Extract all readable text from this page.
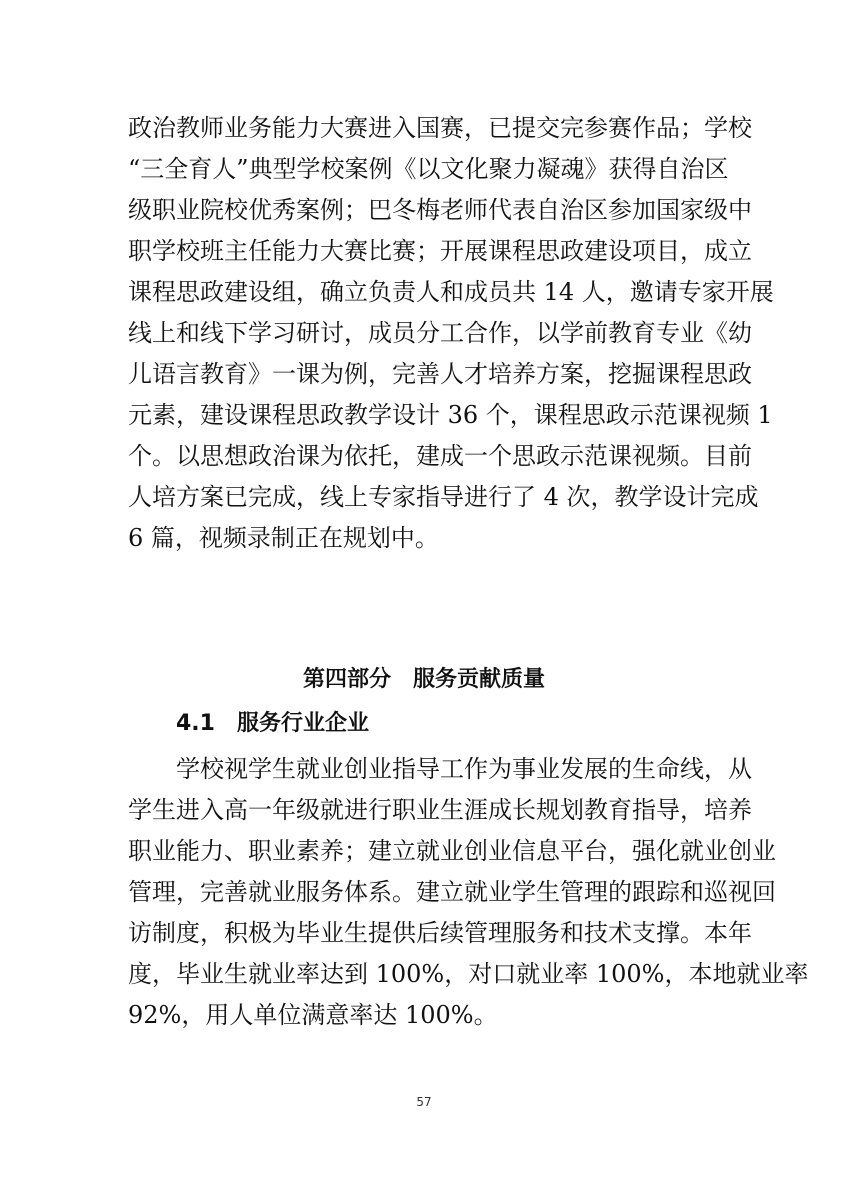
政治教师业务能力大赛进入国赛，已提交完参赛作品；学校
“三全育人”典型学校案例《以文化聚力凝魂》获得自治区
级职业院校优秀案例；巴冬梅老师代表自治区参加国家级中
职学校班主任能力大赛比赛；开展课程思政建设项目，成立
课程思政建设组，确立负责人和成员共 14 人，邀请专家开展
线上和线下学习研讨，成员分工合作，以学前教育专业《幼
儿语言教育》一课为例，完善人才培养方案，挖掘课程思政
元素，建设课程思政教学设计 36 个，课程思政示范课视频 1
个。以思想政治课为依托，建成一个思政示范课视频。目前
人培方案已完成，线上专家指导进行了 4 次，教学设计完成
6 篇，视频录制正在规划中。
第四部分　服务贡献质量
4.1　服务行业企业
学校视学生就业创业指导工作为事业发展的生命线，从
学生进入高一年级就进行职业生涯成长规划教育指导，培养
职业能力、职业素养；建立就业创业信息平台，强化就业创业
管理，完善就业服务体系。建立就业学生管理的跟踪和巡视回
访制度，积极为毕业生提供后续管理服务和技术支撑。本年
度，毕业生就业率达到 100%，对口就业率 100%，本地就业率
92%，用人单位满意率达 100%。
57
